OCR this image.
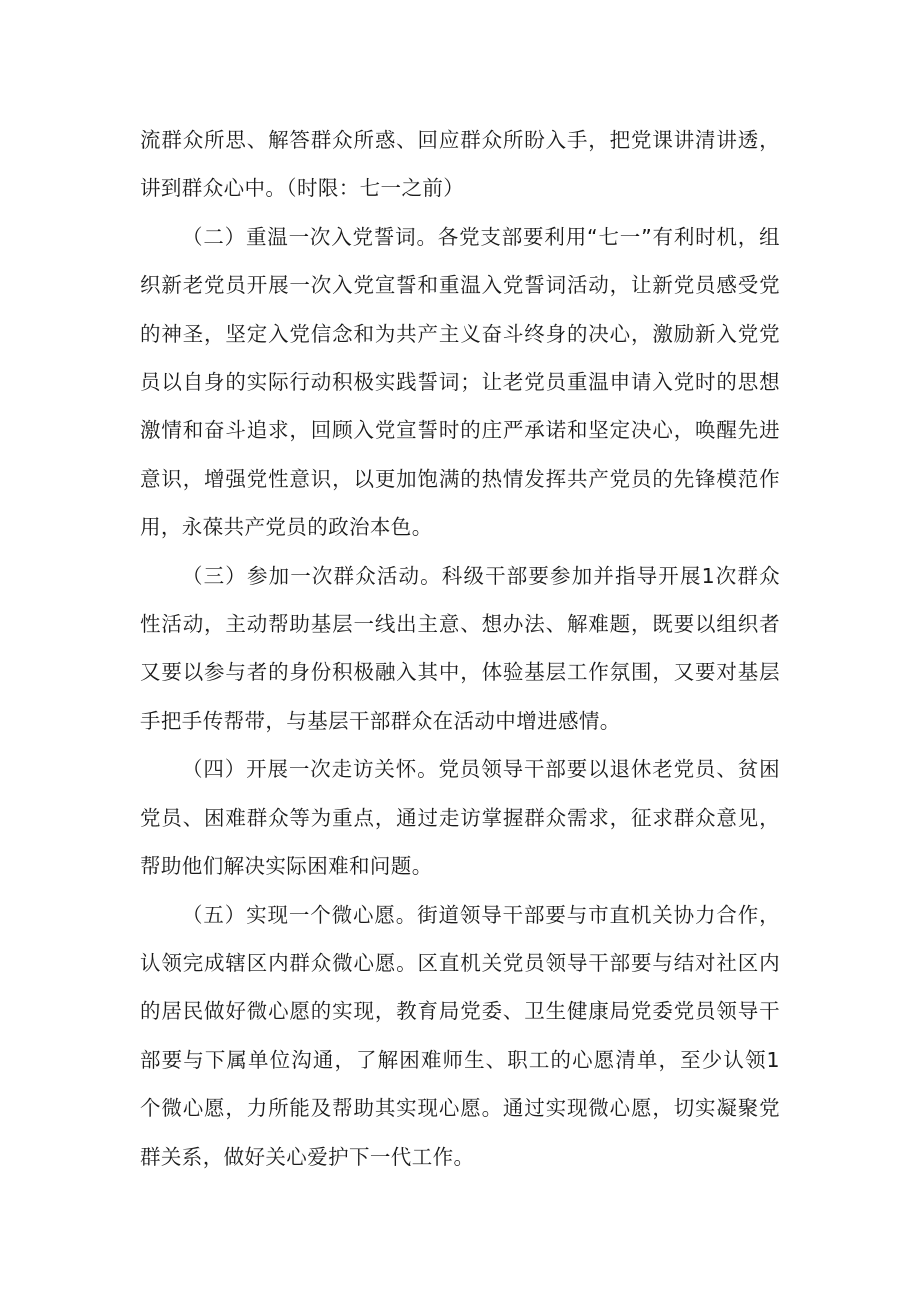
流群众所思、解答群众所惑、回应群众所盼入手，把党课讲清讲透，讲到群众心中。（时限：七一之前）

（二）重温一次入党誓词。各党支部要利用“七一”有利时机，组织新老党员开展一次入党宣誓和重温入党誓词活动，让新党员感受党的神圣，坚定入党信念和为共产主义奋斗终身的决心，激励新入党党员以自身的实际行动积极实践誓词；让老党员重温申请入党时的思想激情和奋斗追求，回顾入党宣誓时的庄严承诺和坚定决心，唤醒先进意识，增强党性意识，以更加饱满的热情发挥共产党员的先锋模范作用，永葆共产党员的政治本色。

（三）参加一次群众活动。科级干部要参加并指导开展1次群众性活动，主动帮助基层一线出主意、想办法、解难题，既要以组织者又要以参与者的身份积极融入其中，体验基层工作氛围，又要对基层手把手传帮带，与基层干部群众在活动中增进感情。

（四）开展一次走访关怀。党员领导干部要以退休老党员、贫困党员、困难群众等为重点，通过走访掌握群众需求，征求群众意见，帮助他们解决实际困难和问题。

（五）实现一个微心愿。街道领导干部要与市直机关协力合作，认领完成辖区内群众微心愿。区直机关党员领导干部要与结对社区内的居民做好微心愿的实现，教育局党委、卫生健康局党委党员领导干部要与下属单位沟通，了解困难师生、职工的心愿清单，至少认领1个微心愿，力所能及帮助其实现心愿。通过实现微心愿，切实凝聚党群关系，做好关心爱护下一代工作。
